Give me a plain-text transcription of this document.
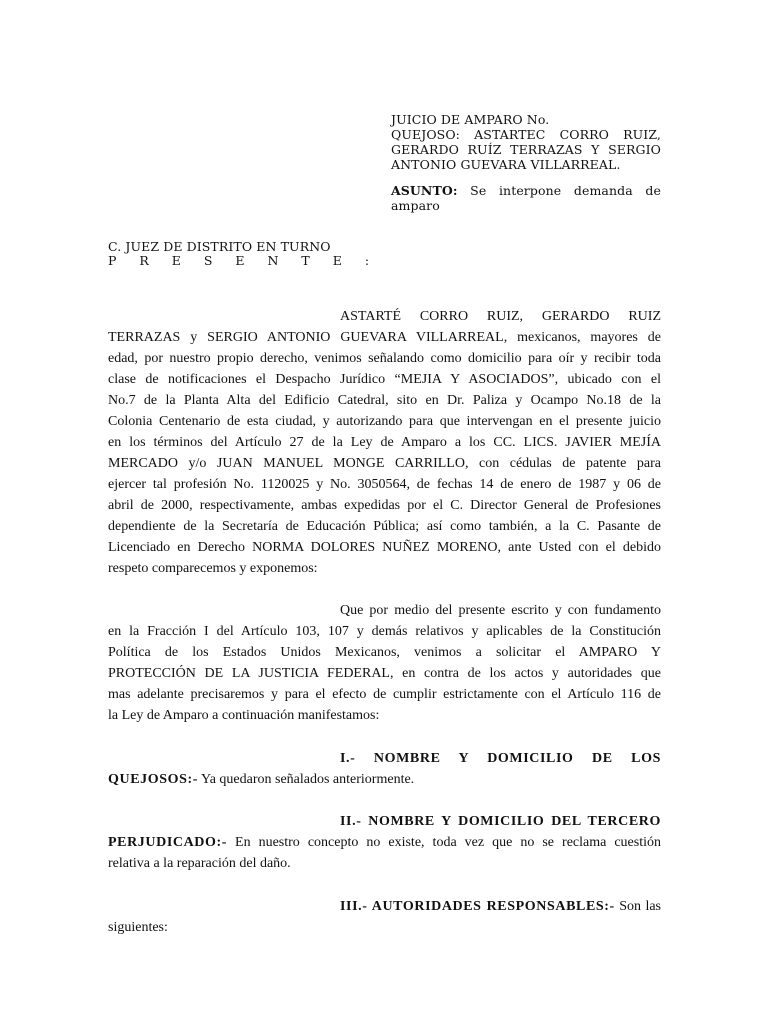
JUICIO DE AMPARO No.
QUEJOSO: ASTARTEC CORRO RUIZ,
GERARDO RUÍZ TERRAZAS Y SERGIO
ANTONIO GUEVARA VILLARREAL.
ASUNTO: Se interpone demanda de
amparo
C. JUEZ DE DISTRITO EN TURNO
P R E S E N T E :

ASTARTÉ CORRO RUIZ, GERARDO RUIZ

TERRAZAS y SERGIO ANTONIO GUEVARA VILLARREAL, mexicanos, mayores de

edad, por nuestro propio derecho, venimos señalando como domicilio para oír y recibir toda

clase de notificaciones el Despacho Jurídico “MEJIA Y ASOCIADOS”, ubicado con el

No.7 de la Planta Alta del Edificio Catedral, sito en Dr. Paliza y Ocampo No.18 de la

Colonia Centenario de esta ciudad, y autorizando para que intervengan en el presente juicio

en los términos del Artículo 27 de la Ley de Amparo a los CC. LICS. JAVIER MEJÍA

MERCADO y/o JUAN MANUEL MONGE CARRILLO, con cédulas de patente para

ejercer tal profesión No. 1120025 y No. 3050564, de fechas 14 de enero de 1987 y 06 de

abril de 2000, respectivamente, ambas expedidas por el C. Director General de Profesiones

dependiente de la Secretaría de Educación Pública; así como también, a la C. Pasante de

Licenciado en Derecho NORMA DOLORES NUÑEZ MORENO, ante Usted con el debido

respeto comparecemos y exponemos:

Que por medio del presente escrito y con fundamento

en la Fracción I del Artículo 103, 107 y demás relativos y aplicables de la Constitución

Política de los Estados Unidos Mexicanos, venimos a solicitar el AMPARO Y

PROTECCIÓN DE LA JUSTICIA FEDERAL, en contra de los actos y autoridades que

mas adelante precisaremos y para el efecto de cumplir estrictamente con el Artículo 116 de

la Ley de Amparo a continuación manifestamos:

I.- NOMBRE Y DOMICILIO DE LOS

QUEJOSOS:- Ya quedaron señalados anteriormente.

II.- NOMBRE Y DOMICILIO DEL TERCERO

PERJUDICADO:- En nuestro concepto no existe, toda vez que no se reclama cuestión

relativa a la reparación del daño.

III.- AUTORIDADES RESPONSABLES:- Son las

siguientes:
